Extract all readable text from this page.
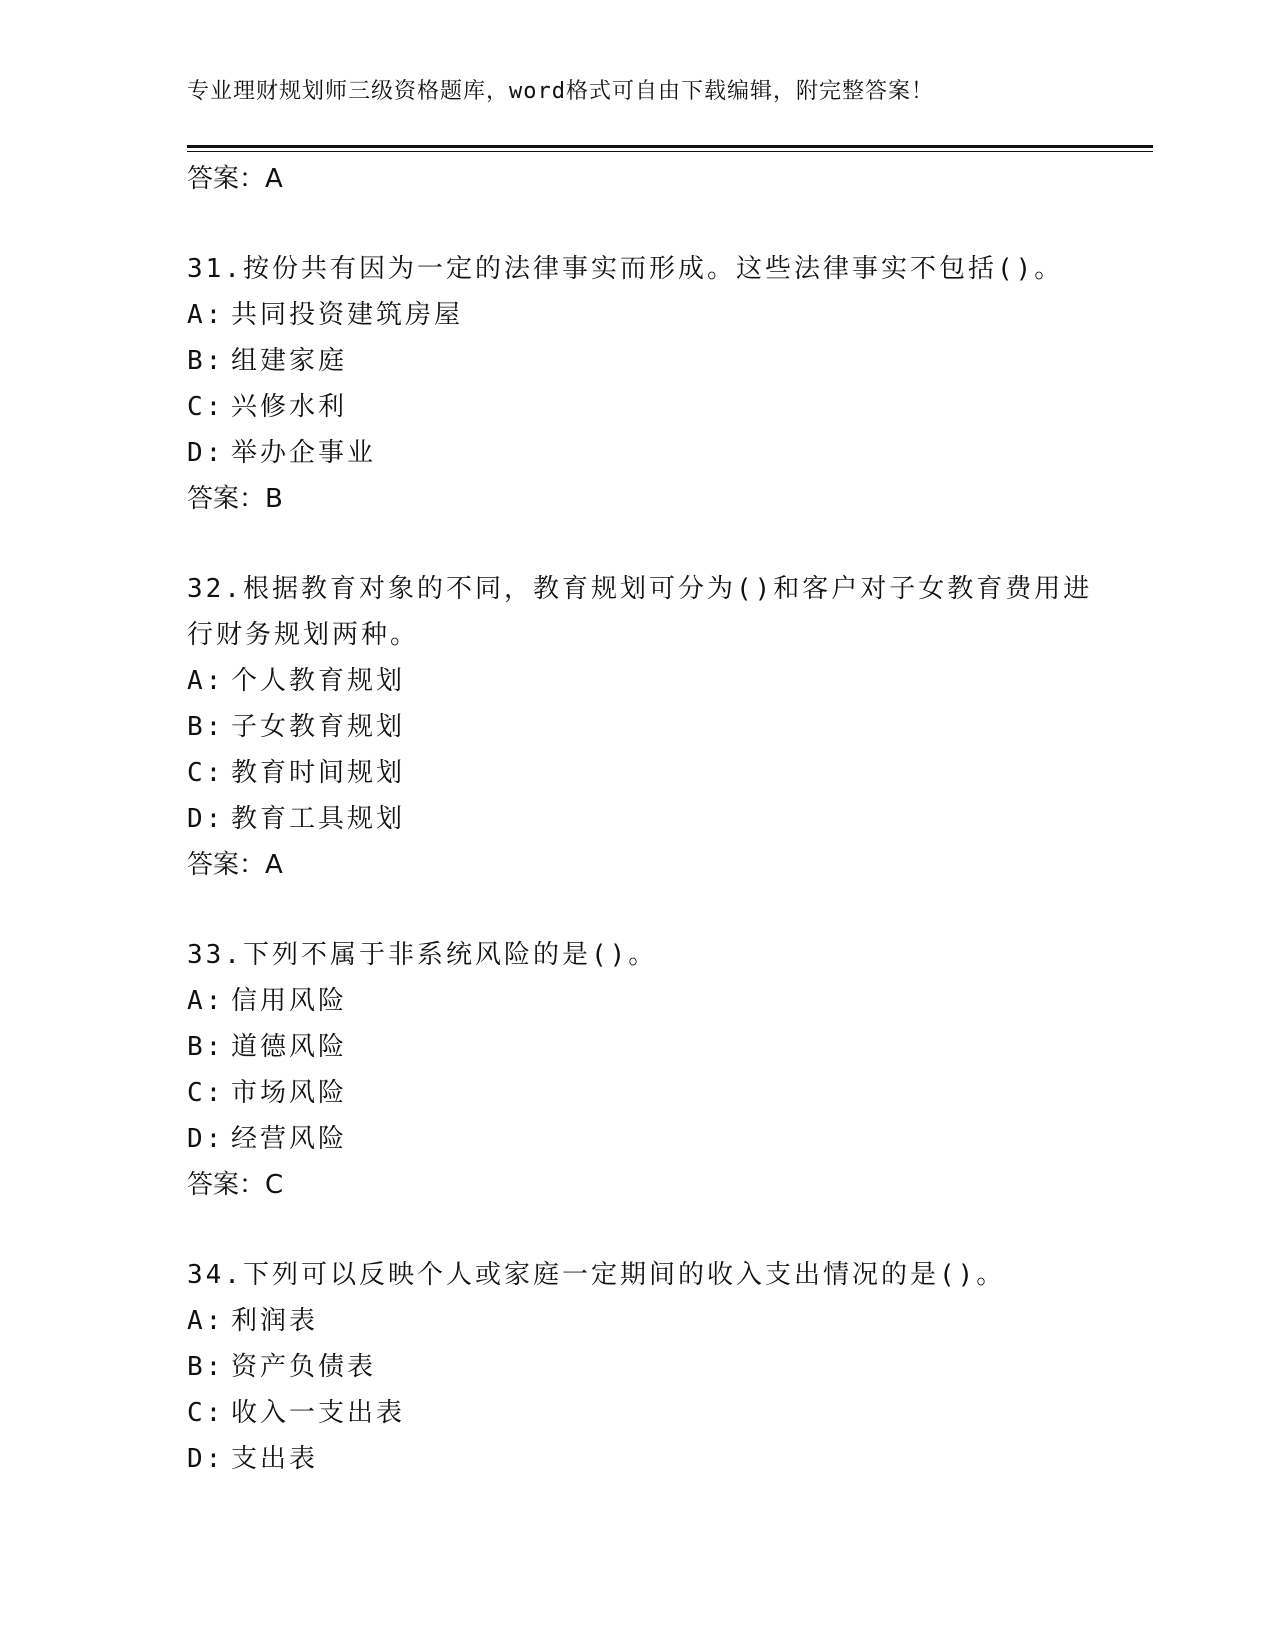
专业理财规划师三级资格题库，word格式可自由下载编辑，附完整答案！
答案：A
31.按份共有因为一定的法律事实而形成。这些法律事实不包括()。
A: 共同投资建筑房屋
B: 组建家庭
C: 兴修水利
D: 举办企事业
答案：B
32.根据教育对象的不同，教育规划可分为()和客户对子女教育费用进行财务规划两种。
A: 个人教育规划
B: 子女教育规划
C: 教育时间规划
D: 教育工具规划
答案：A
33.下列不属于非系统风险的是()。
A: 信用风险
B: 道德风险
C: 市场风险
D: 经营风险
答案：C
34.下列可以反映个人或家庭一定期间的收入支出情况的是()。
A: 利润表
B: 资产负债表
C: 收入一支出表
D: 支出表
